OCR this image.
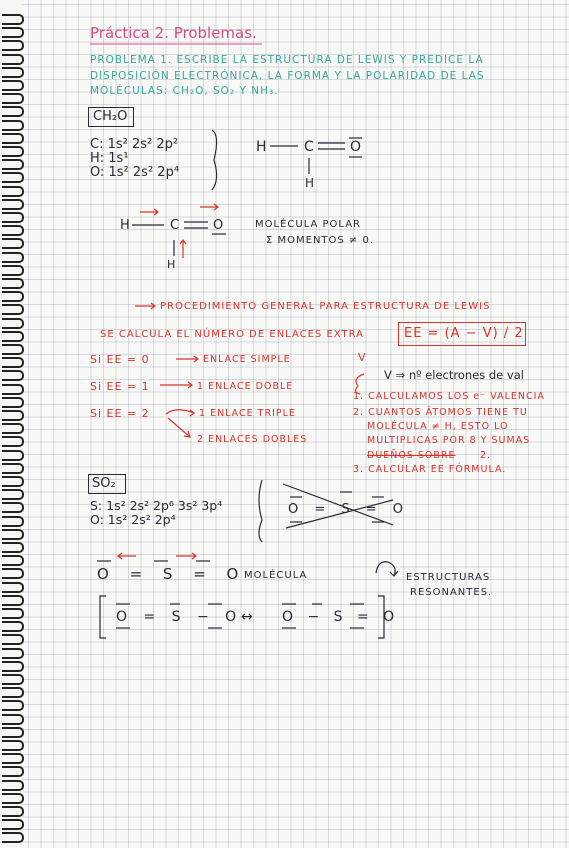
Práctica 2. Problemas.
PROBLEMA 1. ESCRIBE LA ESTRUCTURA DE LEWIS Y PREDICE LA
DISPOSICIÓN ELECTRÓNICA, LA FORMA Y LA POLARIDAD DE LAS
MOLÉCULAS: CH₂O, SO₂ Y NH₃.
CH₂O
C: 1s² 2s² 2p²
H: 1s¹
O: 1s² 2s² 2p⁴
H	C	O
H
H	C	O
H
MOLÉCULA POLAR
Σ MOMENTOS ≠ 0.
PROCEDIMIENTO GENERAL PARA ESTRUCTURA DE LEWIS
SE CALCULA EL NÚMERO DE ENLACES EXTRA	EE = (A − V) / 2
Si EE = 0	ENLACE SIMPLE
Si EE = 1	1 ENLACE DOBLE
Si EE = 2	1 ENLACE TRIPLE
2 ENLACES DOBLES
V
V ⇒ nº electrones de val
1. CALCULAMOS LOS e⁻ VALENCIA
2. CUANTOS ÁTOMOS TIENE TU
MOLÉCULA ≠ H, ESTO LO
MULTIPLICAS POR 8 Y SUMAS
DUEÑOS SOBRE	2.
3. CALCULAR EE FÓRMULA.
SO₂
S: 1s² 2s² 2p⁶ 3s² 3p⁴
O: 1s² 2s² 2p⁴
O = S = O
O = S = O
MOLÉCULA
O = S − O
↔ O − S = O
ESTRUCTURAS
RESONANTES.
